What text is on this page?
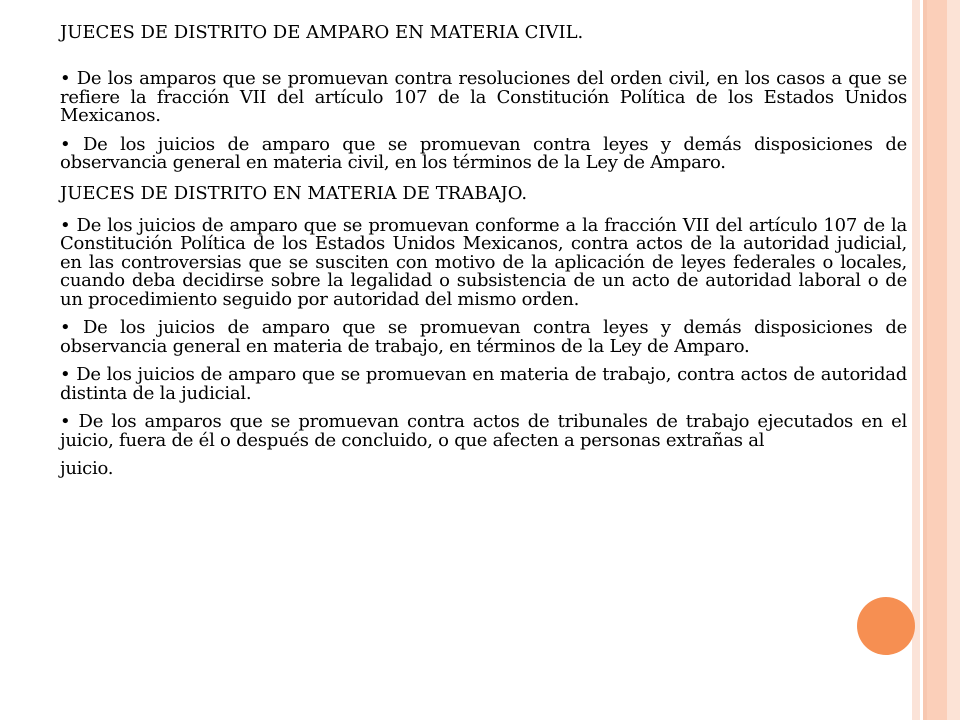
JUECES DE DISTRITO DE AMPARO EN MATERIA CIVIL.

• De los amparos que se promuevan contra resoluciones del orden civil, en los casos a que se refiere la fracción VII del artículo 107 de la Constitución Política de los Estados Unidos Mexicanos.

• De los juicios de amparo que se promuevan contra leyes y demás disposiciones de observancia general en materia civil, en los términos de la Ley de Amparo.

JUECES DE DISTRITO EN MATERIA DE TRABAJO.

• De los juicios de amparo que se promuevan conforme a la fracción VII del artículo 107 de la Constitución Política de los Estados Unidos Mexicanos, contra actos de la autoridad judicial, en las controversias que se susciten con motivo de la aplicación de leyes federales o locales, cuando deba decidirse sobre la legalidad o subsistencia de un acto de autoridad laboral o de un procedimiento seguido por autoridad del mismo orden.

• De los juicios de amparo que se promuevan contra leyes y demás disposiciones de observancia general en materia de trabajo, en términos de la Ley de Amparo.

• De los juicios de amparo que se promuevan en materia de trabajo, contra actos de autoridad distinta de la judicial.

• De los amparos que se promuevan contra actos de tribunales de trabajo ejecutados en el juicio, fuera de él o después de concluido, o que afecten a personas extrañas al

juicio.
